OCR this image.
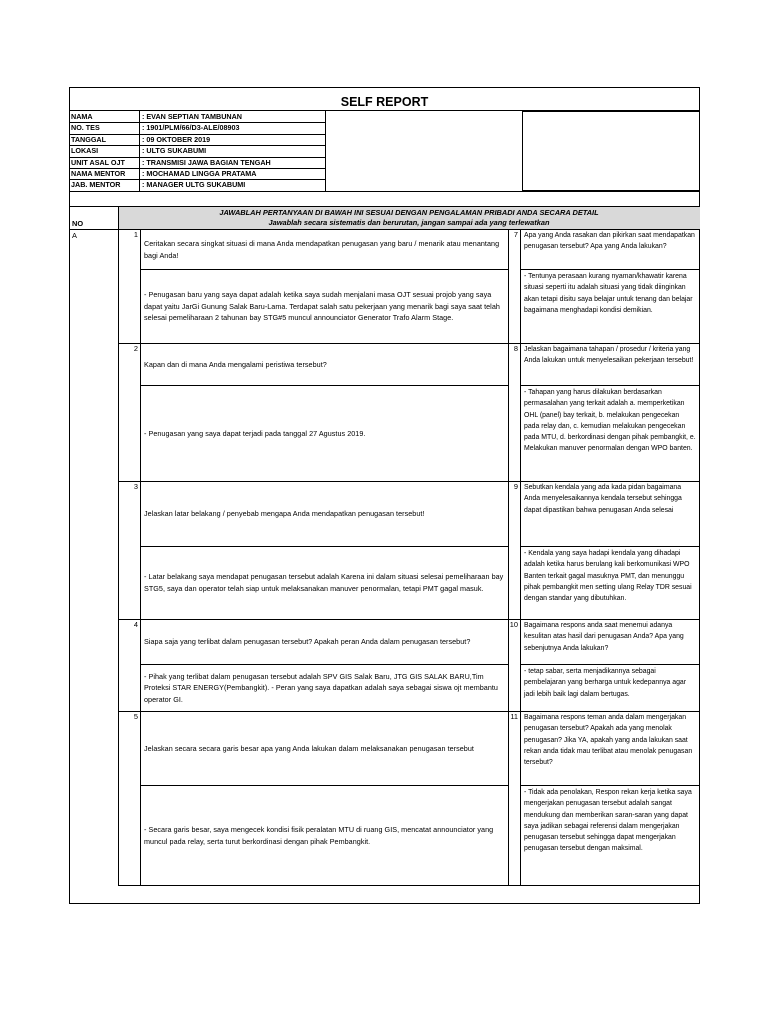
SELF REPORT
NAMA	: EVAN SEPTIAN TAMBUNAN
NO. TES	: 1901/PLM/66/D3-ALE/08903
TANGGAL	: 09 OKTOBER 2019
LOKASI	: ULTG SUKABUMI
UNIT ASAL OJT : TRANSMISI JAWA BAGIAN TENGAH
NAMA MENTOR : MOCHAMAD LINGGA PRATAMA
JAB. MENTOR	: MANAGER ULTG SUKABUMI
NO
JAWABLAH PERTANYAAN DI BAWAH INI SESUAI DENGAN PENGALAMAN PRIBADI ANDA SECARA DETAIL
Jawablah secara sistematis dan berurutan, jangan sampai ada yang terlewatkan
A	1
Ceritakan secara singkat situasi di mana Anda mendapatkan penugasan yang baru / menarik atau menantang bagi Anda!
- Penugasan baru yang saya dapat adalah ketika saya sudah menjalani masa OJT sesuai projob yang saya dapat yaitu JarGi Gunung Salak Baru-Lama. Terdapat salah satu pekerjaan yang menarik bagi saya saat telah selesai pemeliharaan 2 tahunan bay STG#5 muncul announciator Generator Trafo Alarm Stage.
7 Apa yang Anda rasakan dan pikirkan saat mendapatkan penugasan tersebut? Apa yang Anda lakukan?
- Tentunya perasaan kurang nyaman/khawatir karena situasi seperti itu adalah situasi yang tidak diinginkan akan tetapi disitu saya belajar untuk tenang dan belajar bagaimana menghadapi kondisi demikian.
2
Kapan dan di mana Anda mengalami peristiwa tersebut?
- Penugasan yang saya dapat terjadi pada tanggal 27 Agustus 2019.
8 Jelaskan bagaimana tahapan / prosedur / kriteria yang Anda lakukan untuk menyelesaikan pekerjaan tersebut!
- Tahapan yang harus dilakukan berdasarkan permasalahan yang terkait adalah a. memperketikan OHL (panel) bay terkait, b. melakukan pengecekan pada relay dan, c. kemudian melakukan pengecekan pada MTU, d. berkordinasi dengan pihak pembangkit, e. Melakukan manuver penormalan dengan WPO banten.
3
Jelaskan latar belakang / penyebab mengapa Anda mendapatkan penugasan tersebut!
- Latar belakang saya mendapat penugasan tersebut adalah Karena ini dalam situasi selesai pemeliharaan bay STG5, saya dan operator telah siap untuk melaksanakan manuver penormalan, tetapi PMT gagal masuk.
9 Sebutkan kendala yang ada kada pidan bagaimana Anda menyelesaikannya kendala tersebut sehingga dapat dipastikan bahwa penugasan Anda selesai
- Kendala yang saya hadapi kendala yang dihadapi adalah ketika harus berulang kali berkomunikasi WPO Banten terkait gagal masuknya PMT, dan menunggu pihak pembangkit men setting ulang Relay TDR sesuai dengan standar yang dibutuhkan.
4
Siapa saja yang terlibat dalam penugasan tersebut? Apakah peran Anda dalam penugasan tersebut?
- Pihak yang terlibat dalam penugasan tersebut adalah SPV GIS Salak Baru, JTG GIS SALAK BARU,Tim Proteksi STAR ENERGY(Pembangkit). - Peran yang saya dapatkan adalah saya sebagai siswa ojt membantu operator GI.
10 Bagaimana respons anda saat menemui adanya kesulitan atas hasil dari penugasan Anda? Apa yang sebenjutnya Anda lakukan?
- tetap sabar, serta menjadikannya sebagai pembelajaran yang berharga untuk kedepannya agar jadi lebih baik lagi dalam bertugas.
5
Jelaskan secara secara garis besar apa yang Anda lakukan dalam melaksanakan penugasan tersebut
- Secara garis besar, saya mengecek kondisi fisik peralatan MTU di ruang GIS, mencatat announciator yang muncul pada relay, serta turut berkordinasi dengan pihak Pembangkit.
11 Bagaimana respons teman anda dalam mengerjakan penugasan tersebut? Apakah ada yang menolak penugasan? Jika YA, apakah yang anda lakukan saat rekan anda tidak mau terlibat atau menolak penugasan tersebut?
- Tidak ada penolakan, Respon rekan kerja ketika saya mengerjakan penugasan tersebut adalah sangat mendukung dan memberikan saran-saran yang dapat saya jadikan sebagai referensi dalam mengerjakan penugasan tersebut sehingga dapat mengerjakan penugasan tersebut dengan maksimal.
